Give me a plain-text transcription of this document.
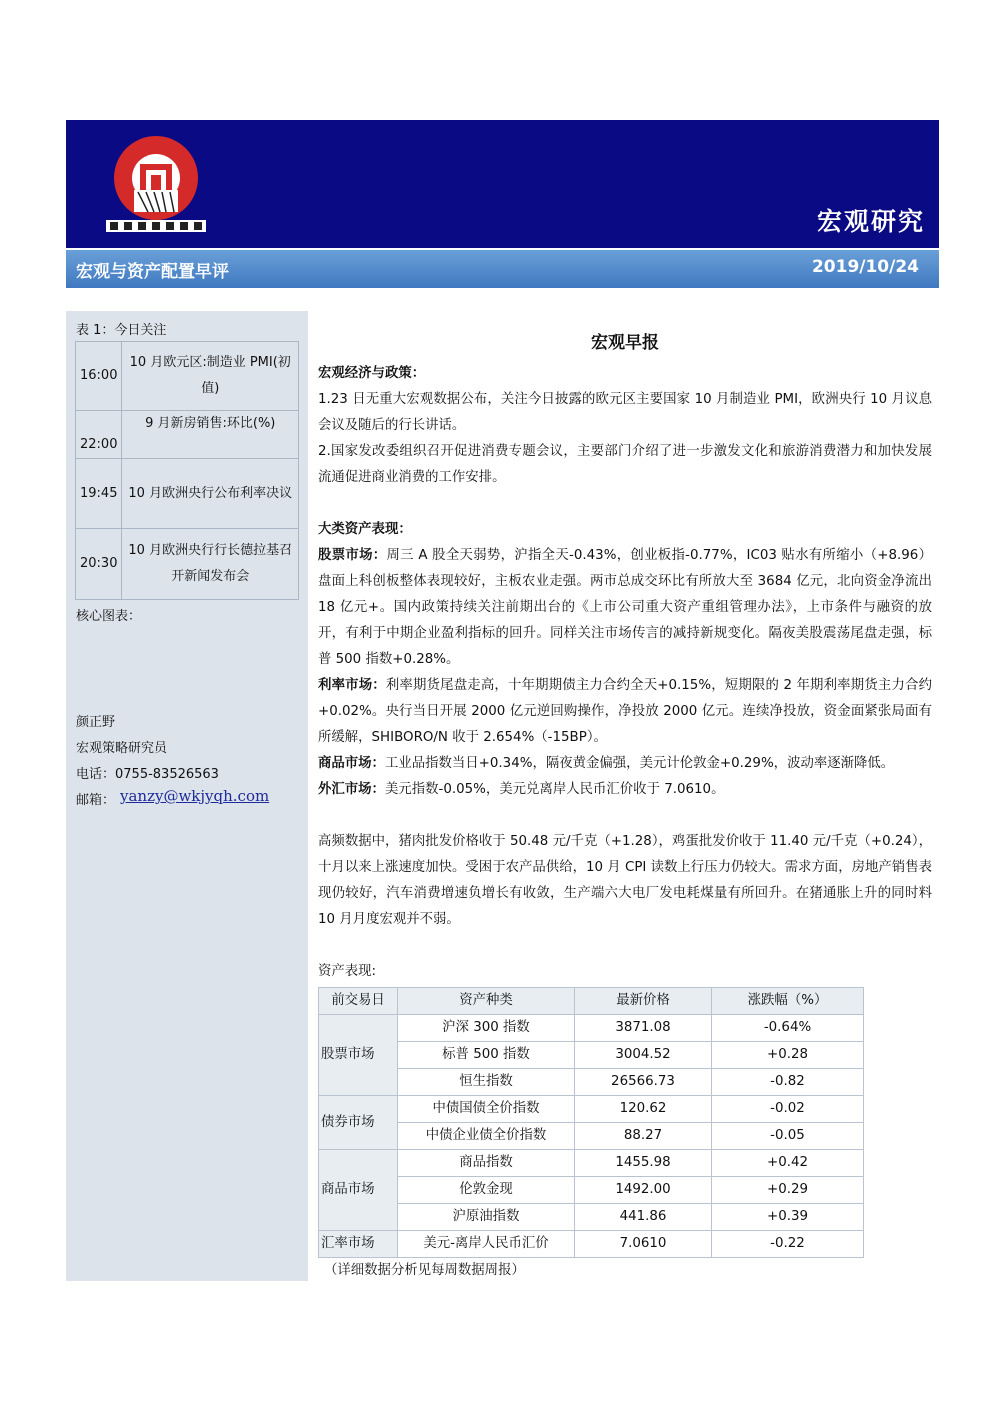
宏观研究
宏观与资产配置早评	2019/10/24
表 1：今日关注
16:00	10 月欧元区:制造业 PMI(初值)
22:00	9 月新房销售:环比(%)
19:45	10 月欧洲央行公布利率决议
20:30	10 月欧洲央行行长德拉基召开新闻发布会
核心图表：
颜正野
宏观策略研究员
电话：0755-83526563
邮箱： yanzy@wkjyqh.com
宏观早报

宏观经济与政策：

1.23 日无重大宏观数据公布，关注今日披露的欧元区主要国家 10 月制造业 PMI，欧洲央行 10 月议息会议及随后的行长讲话。

2.国家发改委组织召开促进消费专题会议，主要部门介绍了进一步激发文化和旅游消费潜力和加快发展流通促进商业消费的工作安排。

大类资产表现：

股票市场：周三 A 股全天弱势，沪指全天-0.43%，创业板指-0.77%，IC03 贴水有所缩小（+8.96）盘面上科创板整体表现较好，主板农业走强。两市总成交环比有所放大至 3684 亿元，北向资金净流出 18 亿元+。国内政策持续关注前期出台的《上市公司重大资产重组管理办法》，上市条件与融资的放开，有利于中期企业盈利指标的回升。同样关注市场传言的减持新规变化。隔夜美股震荡尾盘走强，标普 500 指数+0.28%。

利率市场：利率期货尾盘走高，十年期期债主力合约全天+0.15%，短期限的 2 年期利率期货主力合约+0.02%。央行当日开展 2000 亿元逆回购操作，净投放 2000 亿元。连续净投放，资金面紧张局面有所缓解，SHIBORO/N 收于 2.654%（-15BP）。

商品市场：工业品指数当日+0.34%，隔夜黄金偏强，美元计伦敦金+0.29%，波动率逐渐降低。

外汇市场：美元指数-0.05%，美元兑离岸人民币汇价收于 7.0610。

高频数据中，猪肉批发价格收于 50.48 元/千克（+1.28），鸡蛋批发价收于 11.40 元/千克（+0.24），十月以来上涨速度加快。受困于农产品供给，10 月 CPI 读数上行压力仍较大。需求方面，房地产销售表现仍较好，汽车消费增速负增长有收敛，生产端六大电厂发电耗煤量有所回升。在猪通胀上升的同时料 10 月月度宏观并不弱。

资产表现:

前交易日	资产种类	最新价格	涨跌幅（%）
股票市场	沪深 300 指数	3871.08	-0.64%
	标普 500 指数	3004.52	+0.28
	恒生指数	26566.73	-0.82
债券市场	中债国债全价指数	120.62	-0.02
	中债企业债全价指数	88.27	-0.05
商品市场	商品指数	1455.98	+0.42
	伦敦金现	1492.00	+0.29
	沪原油指数	441.86	+0.39
汇率市场	美元-离岸人民币汇价	7.0610	-0.22

（详细数据分析见每周数据周报）
